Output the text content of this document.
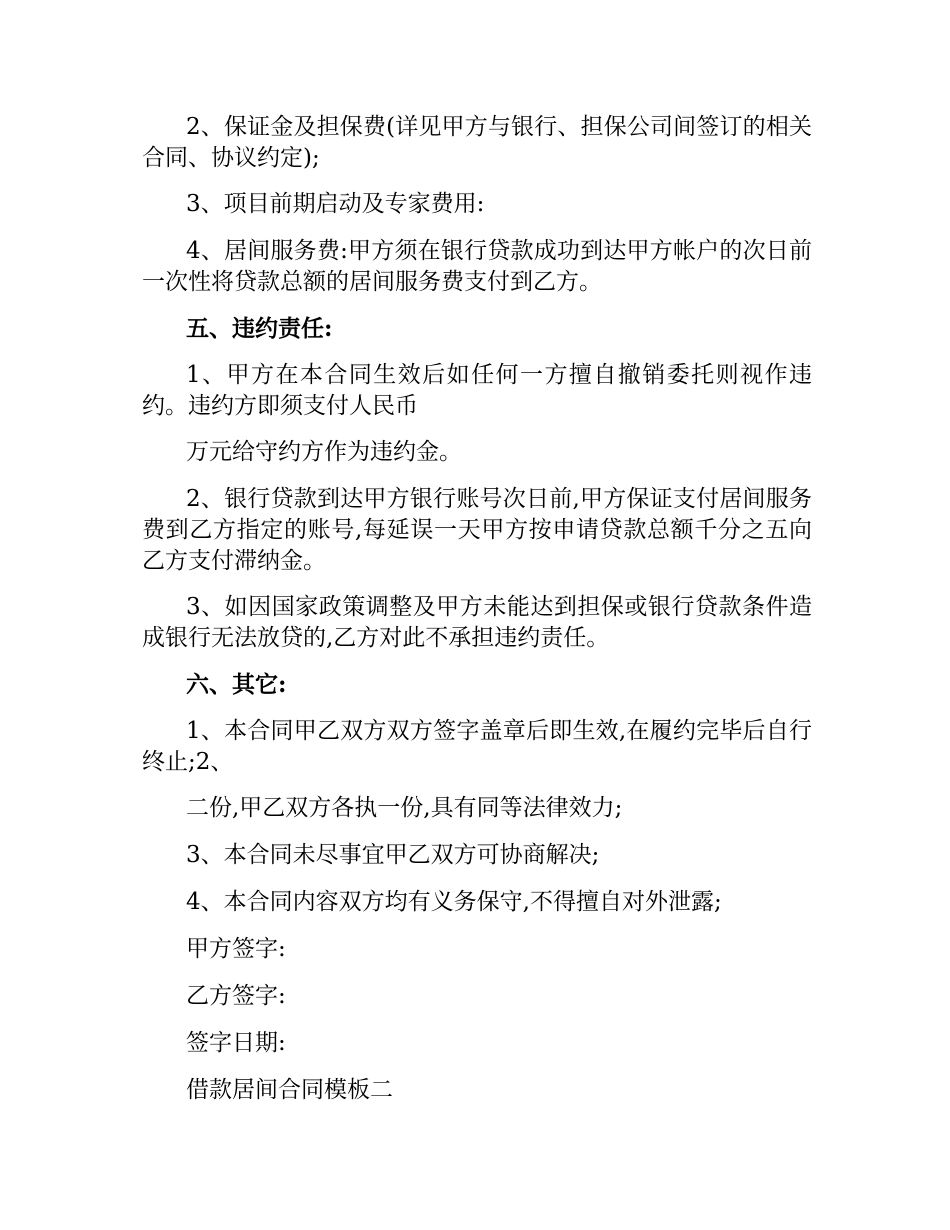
2、保证金及担保费(详见甲方与银行、担保公司间签订的相关合同、协议约定);

3、项目前期启动及专家费用:

4、居间服务费:甲方须在银行贷款成功到达甲方帐户的次日前一次性将贷款总额的居间服务费支付到乙方。

五、违约责任:

1、甲方在本合同生效后如任何一方擅自撤销委托则视作违约。违约方即须支付人民币

万元给守约方作为违约金。

2、银行贷款到达甲方银行账号次日前,甲方保证支付居间服务费到乙方指定的账号,每延误一天甲方按申请贷款总额千分之五向乙方支付滞纳金。

3、如因国家政策调整及甲方未能达到担保或银行贷款条件造成银行无法放贷的,乙方对此不承担违约责任。

六、其它:

1、本合同甲乙双方双方签字盖章后即生效,在履约完毕后自行终止;2、

二份,甲乙双方各执一份,具有同等法律效力;

3、本合同未尽事宜甲乙双方可协商解决;

4、本合同内容双方均有义务保守,不得擅自对外泄露;

甲方签字:

乙方签字:

签字日期:

借款居间合同模板二
